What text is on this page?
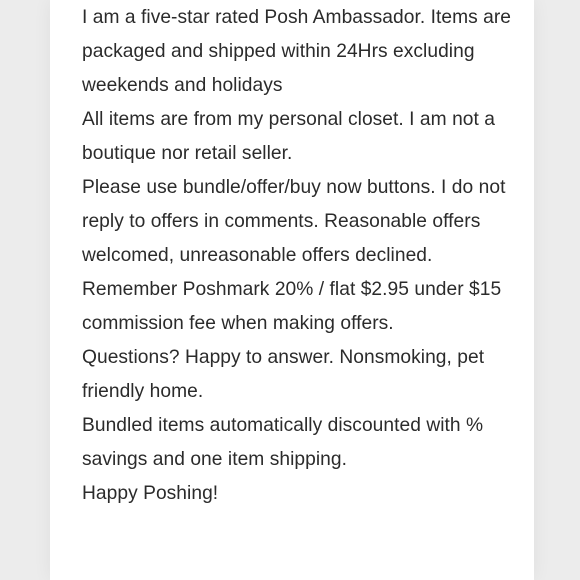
I am a five-star rated Posh Ambassador. Items are packaged and shipped within 24Hrs excluding weekends and holidays

All items are from my personal closet. I am not a boutique nor retail seller.

Please use bundle/offer/buy now buttons. I do not reply to offers in comments. Reasonable offers welcomed, unreasonable offers declined. Remember Poshmark 20% / flat $2.95 under $15 commission fee when making offers.

Questions? Happy to answer. Nonsmoking, pet friendly home.

Bundled items automatically discounted with % savings and one item shipping.

Happy Poshing!
